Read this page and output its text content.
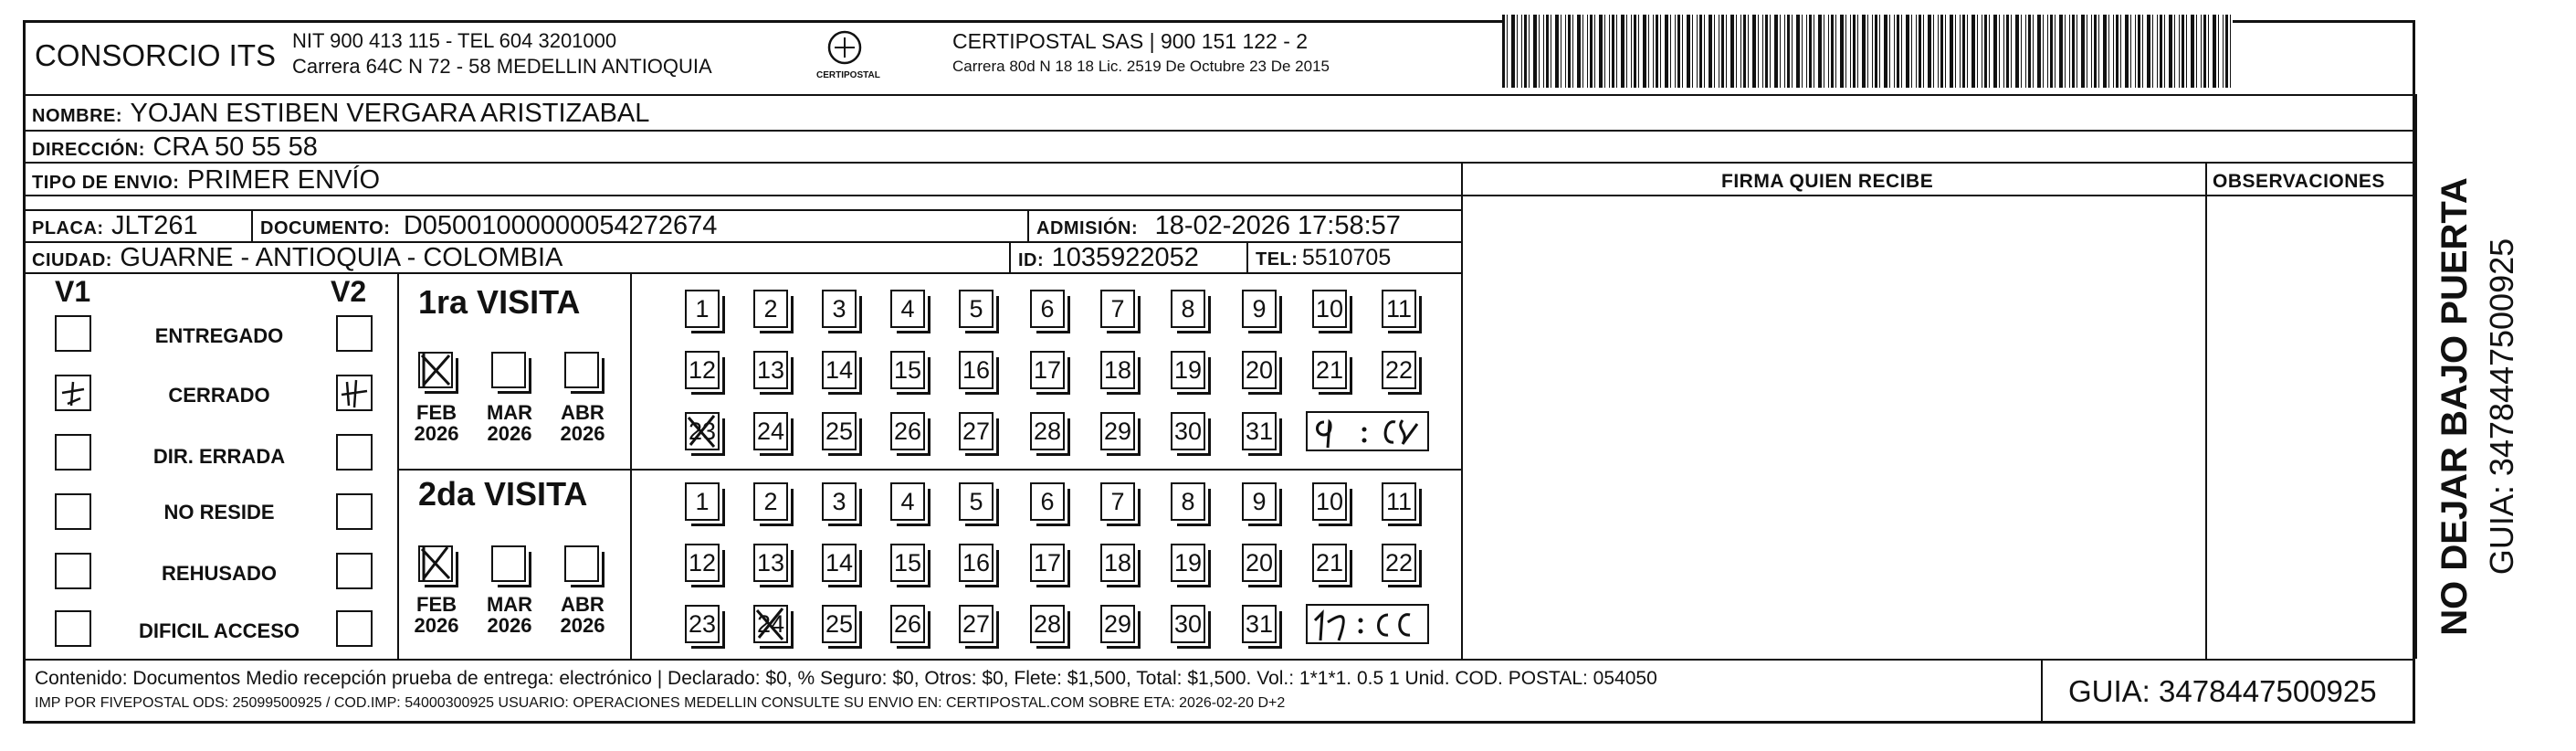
CONSORCIO ITS NIT 900 413 115 - TEL 604 3201000
Carrera 64C N 72 - 58 MEDELLIN ANTIOQUIA	CERTIPOSTAL
CERTIPOSTAL SAS | 900 151 122 - 2
Carrera 80d N 18 18 Lic. 2519 De Octubre 23 De 2015
NOMBRE: YOJAN ESTIBEN VERGARA ARISTIZABAL
DIRECCIÓN: CRA 50 55 58
TIPO DE ENVIO: PRIMER ENVÍO
PLACA: JLT261	DOCUMENTO: D05001000000054272674	ADMISIÓN: 18-02-2026 17:58:57
CIUDAD: GUARNE - ANTIOQUIA - COLOMBIA	ID: 1035922052	TEL: 5510705
FIRMA QUIEN RECIBE	OBSERVACIONES
V1	V2
ENTREGADO
CERRADO
DIR. ERRADA
NO RESIDE
REHUSADO
DIFICIL ACCESO
1ra VISITA
2da VISITA
FEB
2026
MAR
2026
ABR
2026
FEB
2026
MAR
2026
ABR
2026
1	2	3	4	5	6	7	8	9	10 11
12 13 14 15 16 17 18 19 20 21 22
23 24 25 26 27 28 29 30 31
1	2	3	4	5	6	7	8	9	10 11
12 13 14 15 16 17 18 19 20 21 22
23 24 25 26 27 28 29 30 31	NO DEJAR BAJO PUERTA GUIA: 3478447500925
Contenido: Documentos Medio recepción prueba de entrega: electrónico | Declarado: $0, % Seguro: $0, Otros: $0, Flete: $1,500, Total: $1,500. Vol.: 1*1*1. 0.5 1 Unid. COD. POSTAL: 054050
IMP POR FIVEPOSTAL ODS: 25099500925 / COD.IMP: 54000300925 USUARIO: OPERACIONES MEDELLIN CONSULTE SU ENVIO EN: CERTIPOSTAL.COM SOBRE ETA: 2026-02-20 D+2	GUIA: 3478447500925
